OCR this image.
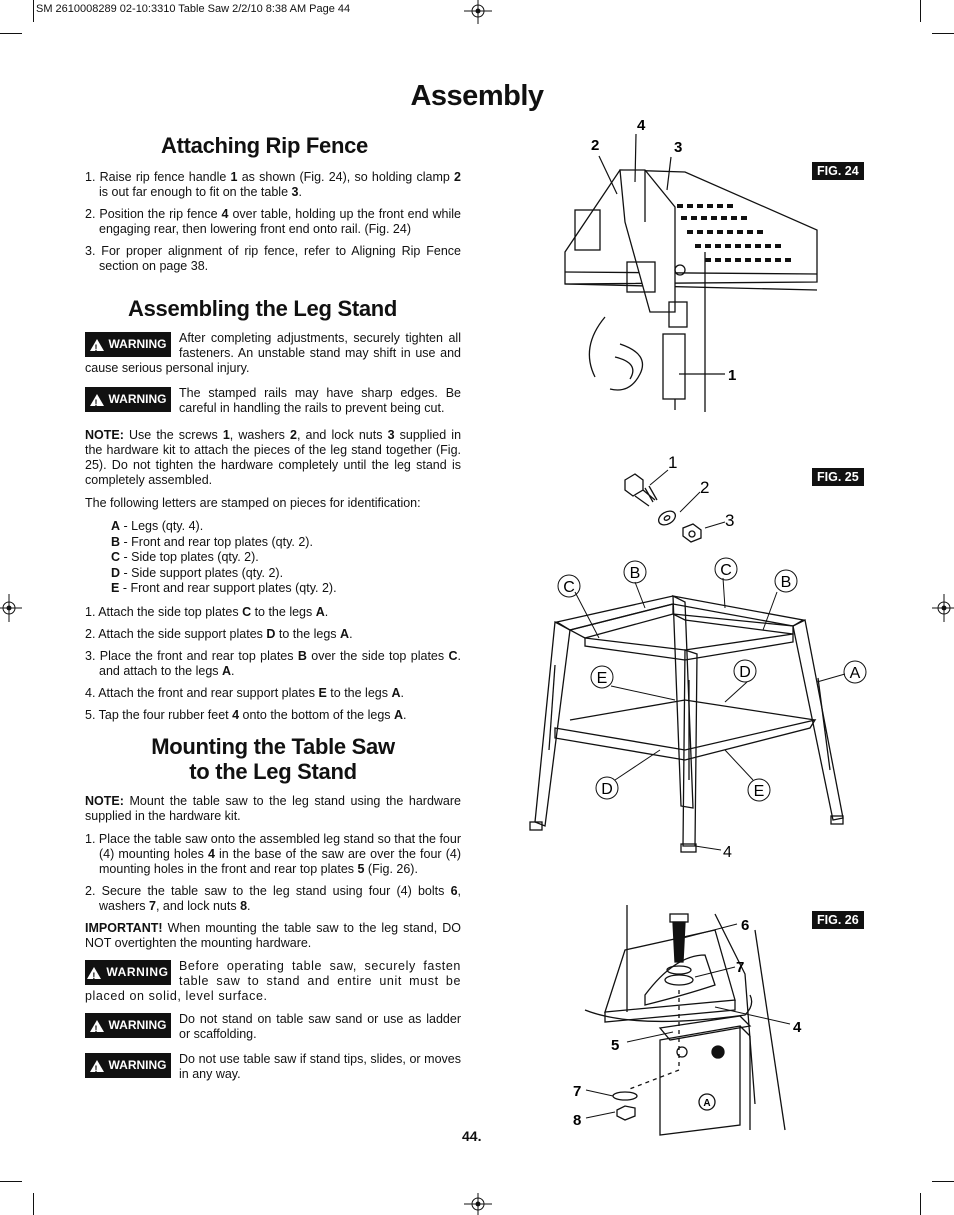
SM 2610008289 02-10:3310 Table Saw 2/2/10 8:38 AM Page 44
Assembly
Attaching Rip Fence

1. Raise rip fence handle 1 as shown (Fig. 24), so holding clamp 2 is out far enough to fit on the table 3.

2. Position the rip fence 4 over table, holding up the front end while engaging rear, then lowering front end onto rail. (Fig. 24)

3. For proper alignment of rip fence, refer to Aligning Rip Fence section on page 38.

Assembling the Leg Stand
! WARNING After completing adjustments, securely tighten all fasteners. An unstable stand may shift in use and cause serious personal injury.
! WARNING The stamped rails may have sharp edges. Be careful in handling the rails to prevent being cut.

NOTE: Use the screws 1, washers 2, and lock nuts 3 supplied in the hardware kit to attach the pieces of the leg stand together (Fig. 25). Do not tighten the hardware completely until the leg stand is completely assembled.

The following letters are stamped on pieces for identification:

A - Legs (qty. 4).
B - Front and rear top plates (qty. 2).
C - Side top plates (qty. 2).
D - Side support plates (qty. 2).
E - Front and rear support plates (qty. 2).

1. Attach the side top plates C to the legs A.

2. Attach the side support plates D to the legs A.

3. Place the front and rear top plates B over the side top plates C. and attach to the legs A.

4. Attach the front and rear support plates E to the legs A.

5. Tap the four rubber feet 4 onto the bottom of the legs A.

Mounting the Table Saw
to the Leg Stand

NOTE: Mount the table saw to the leg stand using the hardware supplied in the hardware kit.

1. Place the table saw onto the assembled leg stand so that the four (4) mounting holes 4 in the base of the saw are over the four (4) mounting holes in the front and rear top plates 5 (Fig. 26).

2. Secure the table saw to the leg stand using four (4) bolts 6, washers 7, and lock nuts 8.

IMPORTANT! When mounting the table saw to the leg stand, DO NOT overtighten the mounting hardware.

! WARNING Before operating table saw, securely fasten table saw to stand and entire unit must be placed on solid, level surface.
! WARNING Do not stand on table saw sand or use as ladder or scaffolding.
! WARNING Do not use table saw if stand tips, slides, or moves in any way.
FIG. 24
4
2	3
1
FIG. 25
1
2
3
C
B	C
B
E	D	A
D	E
4
FIG. 26
6
7
4
5
7
8
A
44.
